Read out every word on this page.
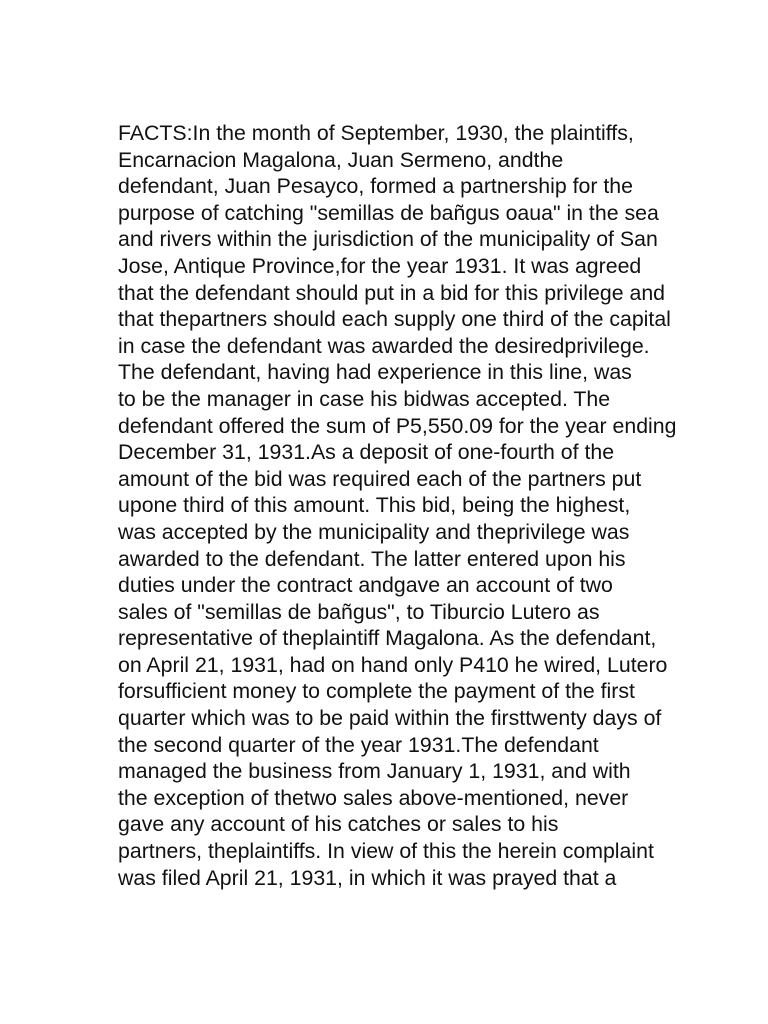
FACTS:In the month of September, 1930, the plaintiffs,
Encarnacion Magalona, Juan Sermeno, andthe
defendant, Juan Pesayco, formed a partnership for the
purpose of catching "semillas de bañgus oaua" in the sea
and rivers within the jurisdiction of the municipality of San
Jose, Antique Province,for the year 1931. It was agreed
that the defendant should put in a bid for this privilege and
that thepartners should each supply one third of the capital
in case the defendant was awarded the desiredprivilege.
The defendant, having had experience in this line, was
to be the manager in case his bidwas accepted. The
defendant offered the sum of P5,550.09 for the year ending
December 31, 1931.As a deposit of one-fourth of the
amount of the bid was required each of the partners put
upone third of this amount. This bid, being the highest,
was accepted by the municipality and theprivilege was
awarded to the defendant. The latter entered upon his
duties under the contract andgave an account of two
sales of "semillas de bañgus", to Tiburcio Lutero as
representative of theplaintiff Magalona. As the defendant,
on April 21, 1931, had on hand only P410 he wired, Lutero
forsufficient money to complete the payment of the first
quarter which was to be paid within the firsttwenty days of
the second quarter of the year 1931.The defendant
managed the business from January 1, 1931, and with
the exception of thetwo sales above-mentioned, never
gave any account of his catches or sales to his
partners, theplaintiffs. In view of this the herein complaint
was filed April 21, 1931, in which it was prayed that a
